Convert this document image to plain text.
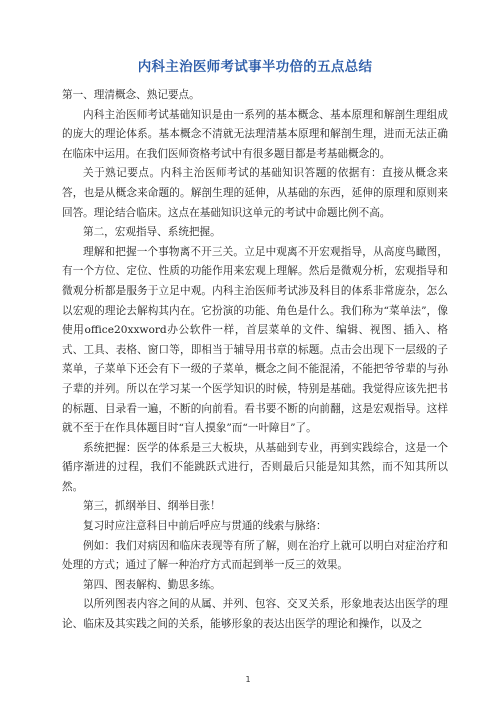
内科主治医师考试事半功倍的五点总结

第一、理清概念、熟记要点。

内科主治医师考试基础知识是由一系列的基本概念、基本原理和解剖生理组成的庞大的理论体系。基本概念不清就无法理清基本原理和解剖生理，进而无法正确在临床中运用。在我们医师资格考试中有很多题目都是考基础概念的。

关于熟记要点。内科主治医师考试的基础知识答题的依据有：直接从概念来答，也是从概念来命题的。解剖生理的延伸，从基础的东西，延伸的原理和原则来回答。理论结合临床。这点在基础知识这单元的考试中命题比例不高。

第二，宏观指导、系统把握。

理解和把握一个事物离不开三关。立足中观离不开宏观指导，从高度鸟瞰图，有一个方位、定位、性质的功能作用来宏观上理解。然后是微观分析，宏观指导和微观分析都是服务于立足中观。内科主治医师考试涉及科目的体系非常庞杂，怎么以宏观的理论去解构其内在。它扮演的功能、角色是什么。我们称为“菜单法”，像使用office20xxword办公软件一样，首层菜单的文件、编辑、视图、插入、格式、工具、表格、窗口等，即相当于辅导用书章的标题。点击会出现下一层级的子菜单，子菜单下还会有下一级的子菜单，概念之间不能混淆，不能把爷爷辈的与孙子辈的并列。所以在学习某一个医学知识的时候，特别是基础。我觉得应该先把书的标题、目录看一遍，不断的向前看。看书要不断的向前翻，这是宏观指导。这样就不至于在作具体题目时“盲人摸象”而“一叶障目”了。

系统把握：医学的体系是三大板块，从基础到专业，再到实践综合，这是一个循序渐进的过程，我们不能跳跃式进行，否则最后只能是知其然，而不知其所以然。

第三，抓纲举目、纲举目张！

复习时应注意科目中前后呼应与贯通的线索与脉络：

例如：我们对病因和临床表现等有所了解，则在治疗上就可以明白对症治疗和处理的方式；通过了解一种治疗方式而起到举一反三的效果。

第四、图表解构、勤思多练。

以所列图表内容之间的从属、并列、包容、交叉关系，形象地表达出医学的理论、临床及其实践之间的关系，能够形象的表达出医学的理论和操作，以及之

1
